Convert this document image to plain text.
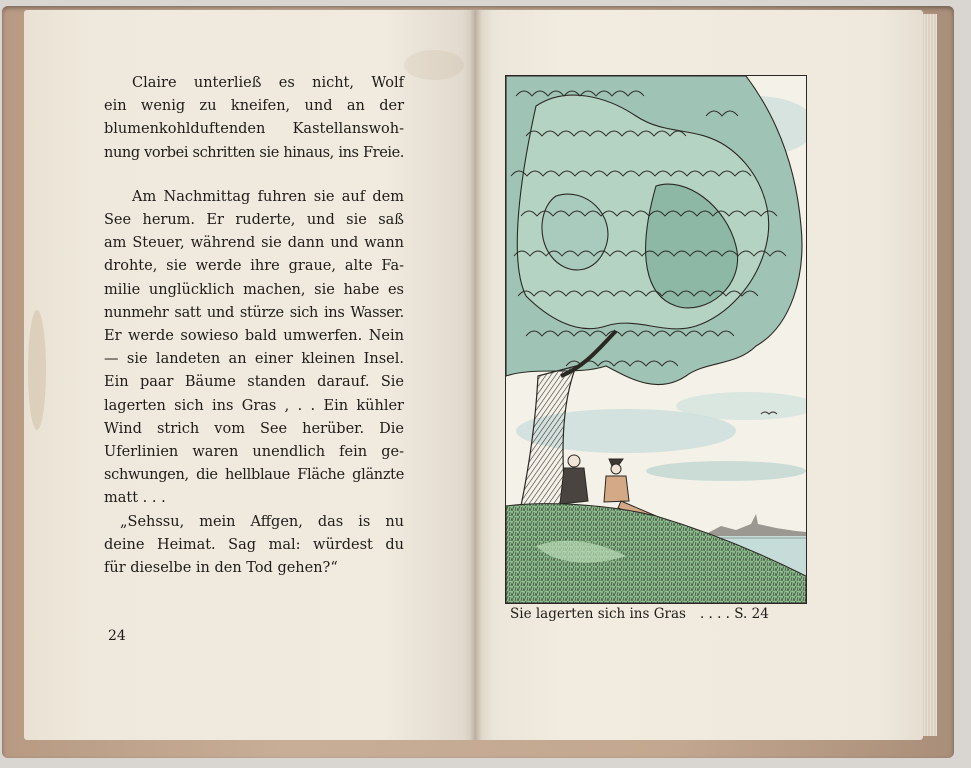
Claire unterließ es nicht, Wolf
ein wenig zu kneifen, und an der
blumenkohlduftenden Kastellanswoh-
nung vorbei schritten sie hinaus, ins Freie.
Am Nachmittag fuhren sie auf dem
See herum. Er ruderte, und sie saß
am Steuer, während sie dann und wann
drohte, sie werde ihre graue, alte Fa-
milie unglücklich machen, sie habe es
nunmehr satt und stürze sich ins Wasser.
Er werde sowieso bald umwerfen. Nein
— sie landeten an einer kleinen Insel.
Ein paar Bäume standen darauf. Sie
lagerten sich ins Gras , . . Ein kühler
Wind strich vom See herüber. Die
Uferlinien waren unendlich fein ge-
schwungen, die hellblaue Fläche glänzte
matt . . .
„Sehssu, mein Affgen, das is nu
deine Heimat. Sag mal: würdest du
für dieselbe in den Tod gehen?“
24
Sie lagerten sich ins Gras . . . . S. 24
